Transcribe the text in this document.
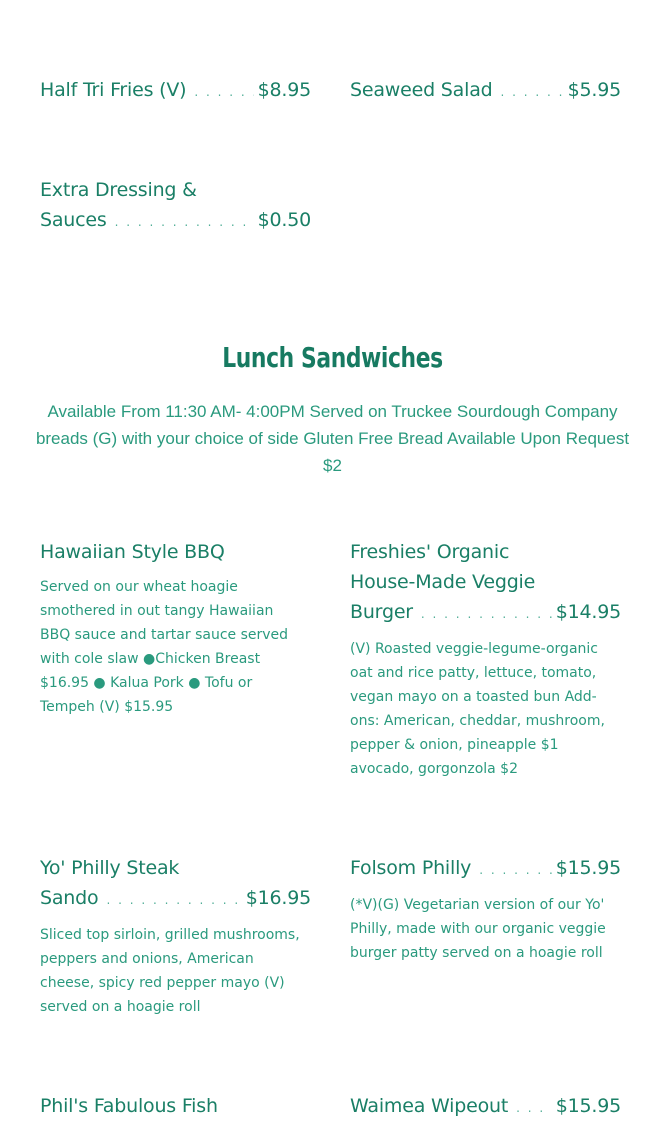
Half Tri Fries (V) . . .	$8.95 Seaweed Salad . . .	$5.95
Extra Dressing &
Sauces . . .	$0.50
Lunch Sandwiches
Available From 11:30 AM- 4:00PM Served on Truckee Sourdough Company breads (G) with your choice of side Gluten Free Bread Available Upon Request $2
Hawaiian Style BBQ
Served on our wheat hoagie smothered in out tangy Hawaiian BBQ sauce and tartar sauce served with cole slaw ●Chicken Breast $16.95 ● Kalua Pork ● Tofu or Tempeh (V) $15.95
Freshies' Organic
House-Made Veggie
Burger . . .	$14.95
(V) Roasted veggie-legume-organic oat and rice patty, lettuce, tomato, vegan mayo on a toasted bun Add-ons: American, cheddar, mushroom, pepper & onion, pineapple $1 avocado, gorgonzola $2
Yo' Philly Steak
Sando . . .	$16.95
Sliced top sirloin, grilled mushrooms, peppers and onions, American cheese, spicy red pepper mayo (V) served on a hoagie roll
Folsom Philly . . .	$15.95
(*V)(G) Vegetarian version of our Yo' Philly, made with our organic veggie burger patty served on a hoagie roll
Phil's Fabulous Fish	Waimea Wipeout . . .	$15.95
